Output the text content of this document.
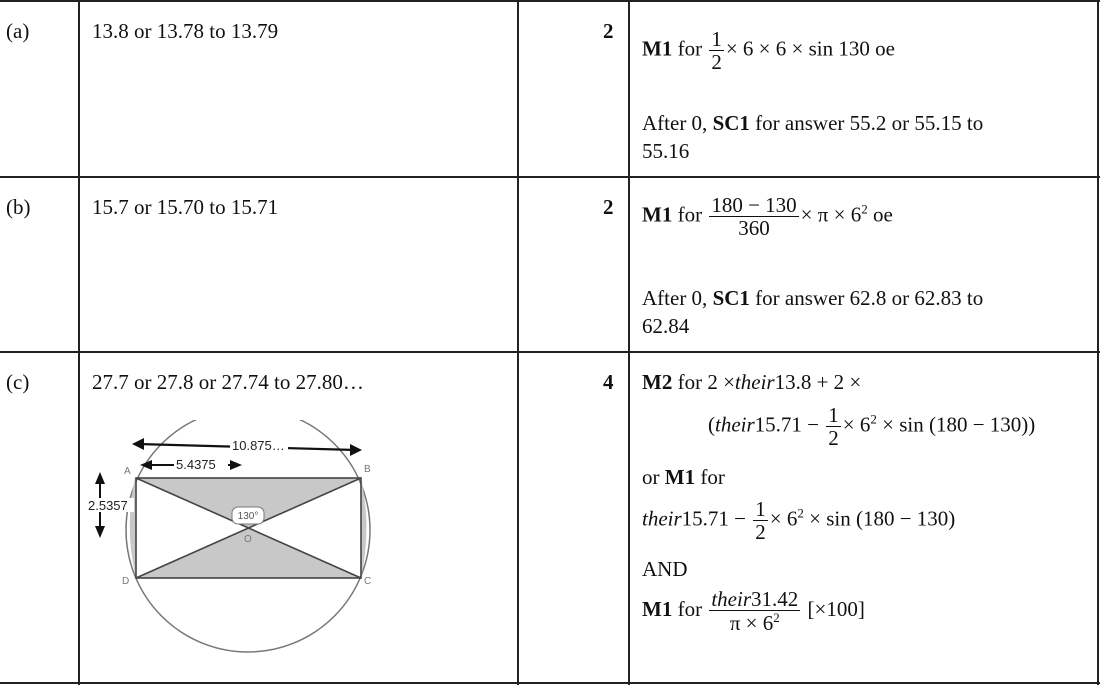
(a)	13.8 or 13.78 to 13.79	2
M1 for $\frac{1}{2} \times 6 \times 6 \times \sin 130$ oe
After 0, SC1 for answer 55.2 or 55.15 to
55.16
(b)	15.7 or 15.70 to 15.71	2 M1 for $\frac{180 - 130}{360} \times \pi \times 6^2$ oe
After 0, SC1 for answer 62.8 or 62.83 to
62.84
(c)	27.7 or 27.8 or 27.74 to 27.80…	4 M2 for 2 ×their13.8 + 2 ×
(their15.71 − $\frac{1}{2} \times 6^2 \times \sin (180 - 130)$)
or M1 for
their15.71 − $\frac{1}{2} \times 6^2 \times \sin (180 - 130)$
AND
M1 for $\frac{\text{their31.42}}{\pi \times 6^2} [\times 100]$
130°
A	B
C
D
O
10.875…
5.4375
2.5357
